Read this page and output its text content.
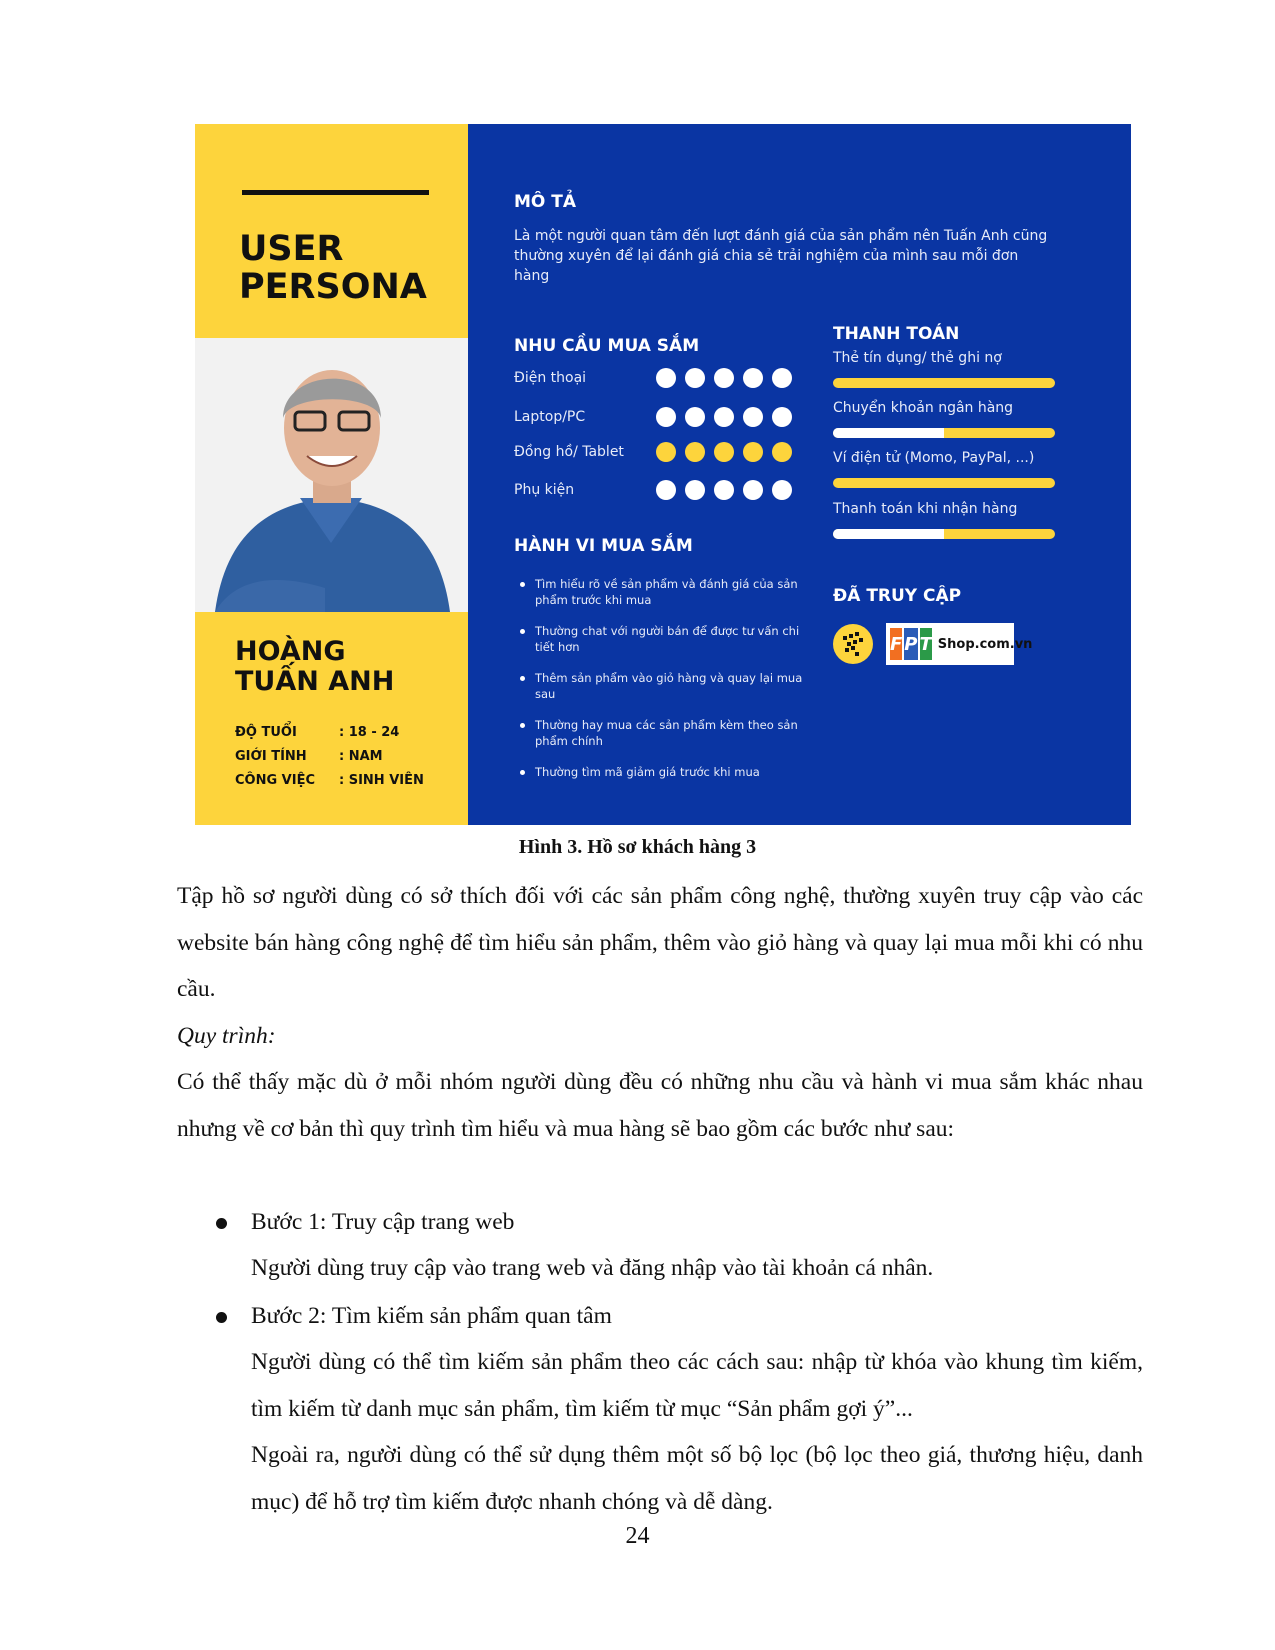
USER
PERSONA
HOÀNG
TUẤN ANH
ĐỘ TUỔI	: 18 - 24
GIỚI TÍNH	: NAM
CÔNG VIỆC	: SINH VIÊN
MÔ TẢ
Là một người quan tâm đến lượt đánh giá của sản phẩm nên Tuấn Anh cũng thường xuyên để lại đánh giá chia sẻ trải nghiệm của mình sau mỗi đơn hàng
NHU CẦU MUA SẮM
Điện thoại
Laptop/PC
Đồng hồ/ Tablet
Phụ kiện
HÀNH VI MUA SẮM
Tìm hiểu rõ về sản phẩm và đánh giá của sản phẩm trước khi mua
Thường chat với người bán để được tư vấn chi tiết hơn
Thêm sản phẩm vào giỏ hàng và quay lại mua sau
Thường hay mua các sản phẩm kèm theo sản phẩm chính
Thường tìm mã giảm giá trước khi mua
THANH TOÁN
Thẻ tín dụng/ thẻ ghi nợ
Chuyển khoản ngân hàng
Ví điện tử (Momo, PayPal, ...)
Thanh toán khi nhận hàng
ĐÃ TRUY CẬP
F P T Shop.com.vn
Hình 3. Hồ sơ khách hàng 3
Tập hồ sơ người dùng có sở thích đối với các sản phẩm công nghệ, thường xuyên truy cập vào các website bán hàng công nghệ để tìm hiểu sản phẩm, thêm vào giỏ hàng và quay lại mua mỗi khi có nhu cầu.
Quy trình:
Có thể thấy mặc dù ở mỗi nhóm người dùng đều có những nhu cầu và hành vi mua sắm khác nhau nhưng về cơ bản thì quy trình tìm hiểu và mua hàng sẽ bao gồm các bước như sau:
Bước 1: Truy cập trang web
Người dùng truy cập vào trang web và đăng nhập vào tài khoản cá nhân.
Bước 2: Tìm kiếm sản phẩm quan tâm
Người dùng có thể tìm kiếm sản phẩm theo các cách sau: nhập từ khóa vào khung tìm kiếm, tìm kiếm từ danh mục sản phẩm, tìm kiếm từ mục “Sản phẩm gợi ý”...
Ngoài ra, người dùng có thể sử dụng thêm một số bộ lọc (bộ lọc theo giá, thương hiệu, danh mục) để hỗ trợ tìm kiếm được nhanh chóng và dễ dàng.
24
